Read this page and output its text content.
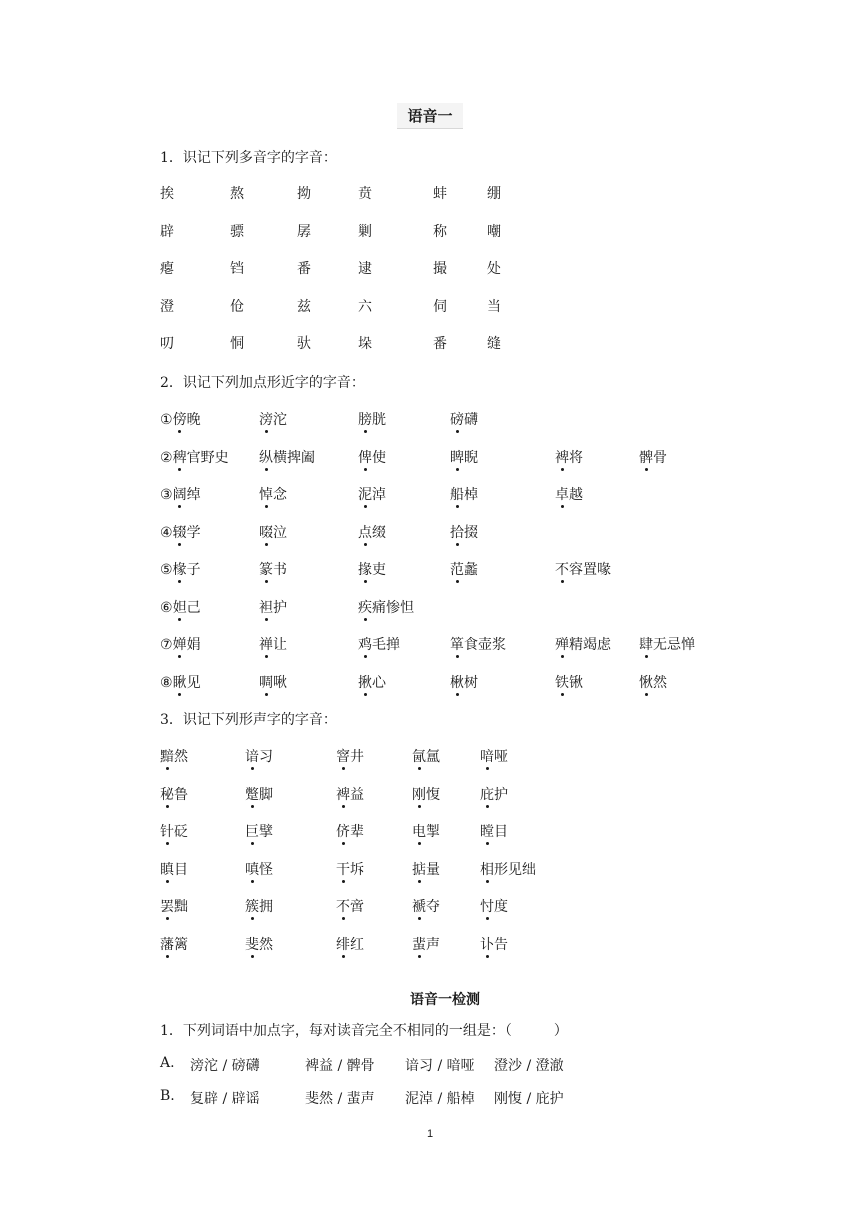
语音一
1．识记下列多音字的字音：
挨	熬	拗	贲	蚌	绷
辟	骠	孱	剿	称	嘲
瘪	铛	番	逮	撮	处
澄	伧	兹	六	伺	当
叨	恫	驮	垛	番	缝
2．识记下列加点形近字的字音：
①傍晚	滂沱	膀胱	磅礴
②稗官野史 纵横捭阖	俾使	睥睨	裨将	髀骨
③阔绰	悼念	泥淖	船棹	卓越
④辍学	啜泣	点缀	拾掇
⑤椽子	篆书	掾吏	范蠡	不容置喙
⑥妲己	袒护	疾痛惨怛
⑦婵娟	禅让	鸡毛掸	箪食壶浆	殚精竭虑 肆无忌惮
⑧瞅见	啁啾	揪心	楸树	铁锹	愀然
3．识记下列形声字的字音：
黯然	谙习	窨井	氤氲	喑哑
秘鲁	蹩脚	裨益	刚愎	庇护
针砭	巨擘	侪辈	电掣	瞠目
瞋目	嗔怪	干坼	掂量	相形见绌
罢黜	簇拥	不啻	褫夺	忖度
藩篱	斐然	绯红	蜚声	讣告
语音一检测
1．下列词语中加点字，每对读音完全不相同的一组是：（　　　）
A. 滂沱 / 磅礴	裨益 / 髀骨 谙习 / 喑哑 澄沙 / 澄澈
B. 复辟 / 辟谣	斐然 / 蜚声 泥淖 / 船棹 刚愎 / 庇护
1
